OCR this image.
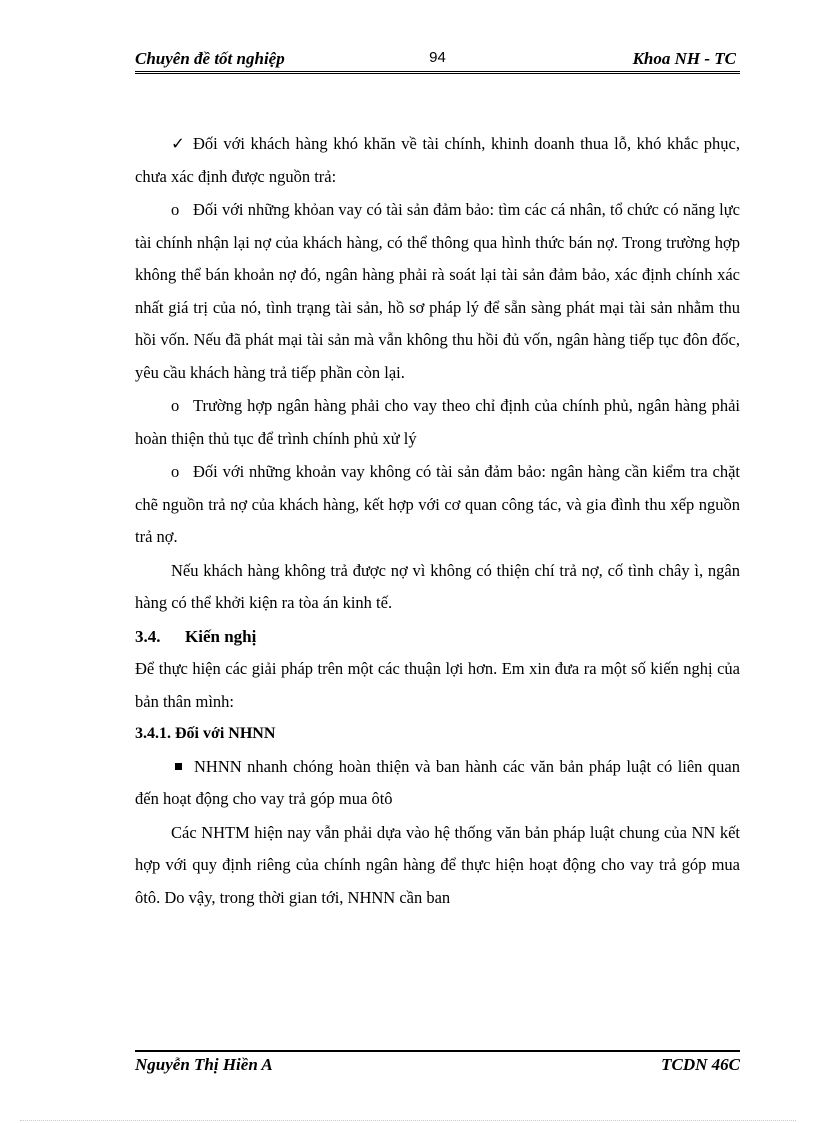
Chuyên đề tốt nghiệp	94	Khoa NH - TC

✓ Đối với khách hàng khó khăn về tài chính, khinh doanh thua lỗ, khó khắc phục, chưa xác định được nguồn trả:

o Đối với những khỏan vay có tài sản đảm bảo: tìm các cá nhân, tổ chức có năng lực tài chính nhận lại nợ của khách hàng, có thể thông qua hình thức bán nợ. Trong trường hợp không thể bán khoản nợ đó, ngân hàng phải rà soát lại tài sản đảm bảo, xác định chính xác nhất giá trị của nó, tình trạng tài sản, hồ sơ pháp lý để sẵn sàng phát mại tài sản nhằm thu hồi vốn. Nếu đã phát mại tài sản mà vẫn không thu hồi đủ vốn, ngân hàng tiếp tục đôn đốc, yêu cầu khách hàng trả tiếp phần còn lại.

o Trường hợp ngân hàng phải cho vay theo chỉ định của chính phủ, ngân hàng phải hoàn thiện thủ tục để trình chính phủ xử lý

o Đối với những khoản vay không có tài sản đảm bảo: ngân hàng cần kiểm tra chặt chẽ nguồn trả nợ của khách hàng, kết hợp với cơ quan công tác, và gia đình thu xếp nguồn trả nợ.

Nếu khách hàng không trả được nợ vì không có thiện chí trả nợ, cố tình chây ì, ngân hàng có thể khởi kiện ra tòa án kinh tế.

3.4. Kiến nghị

Để thực hiện các giải pháp trên một các thuận lợi hơn. Em xin đưa ra một số kiến nghị của bản thân mình:

3.4.1. Đối với NHNN

NHNN nhanh chóng hoàn thiện và ban hành các văn bản pháp luật có liên quan đến hoạt động cho vay trả góp mua ôtô

Các NHTM hiện nay vẫn phải dựa vào hệ thống văn bản pháp luật chung của NN kết hợp với quy định riêng của chính ngân hàng để thực hiện hoạt động cho vay trả góp mua ôtô. Do vậy, trong thời gian tới, NHNN cần ban

Nguyễn Thị Hiền A	TCDN 46C
